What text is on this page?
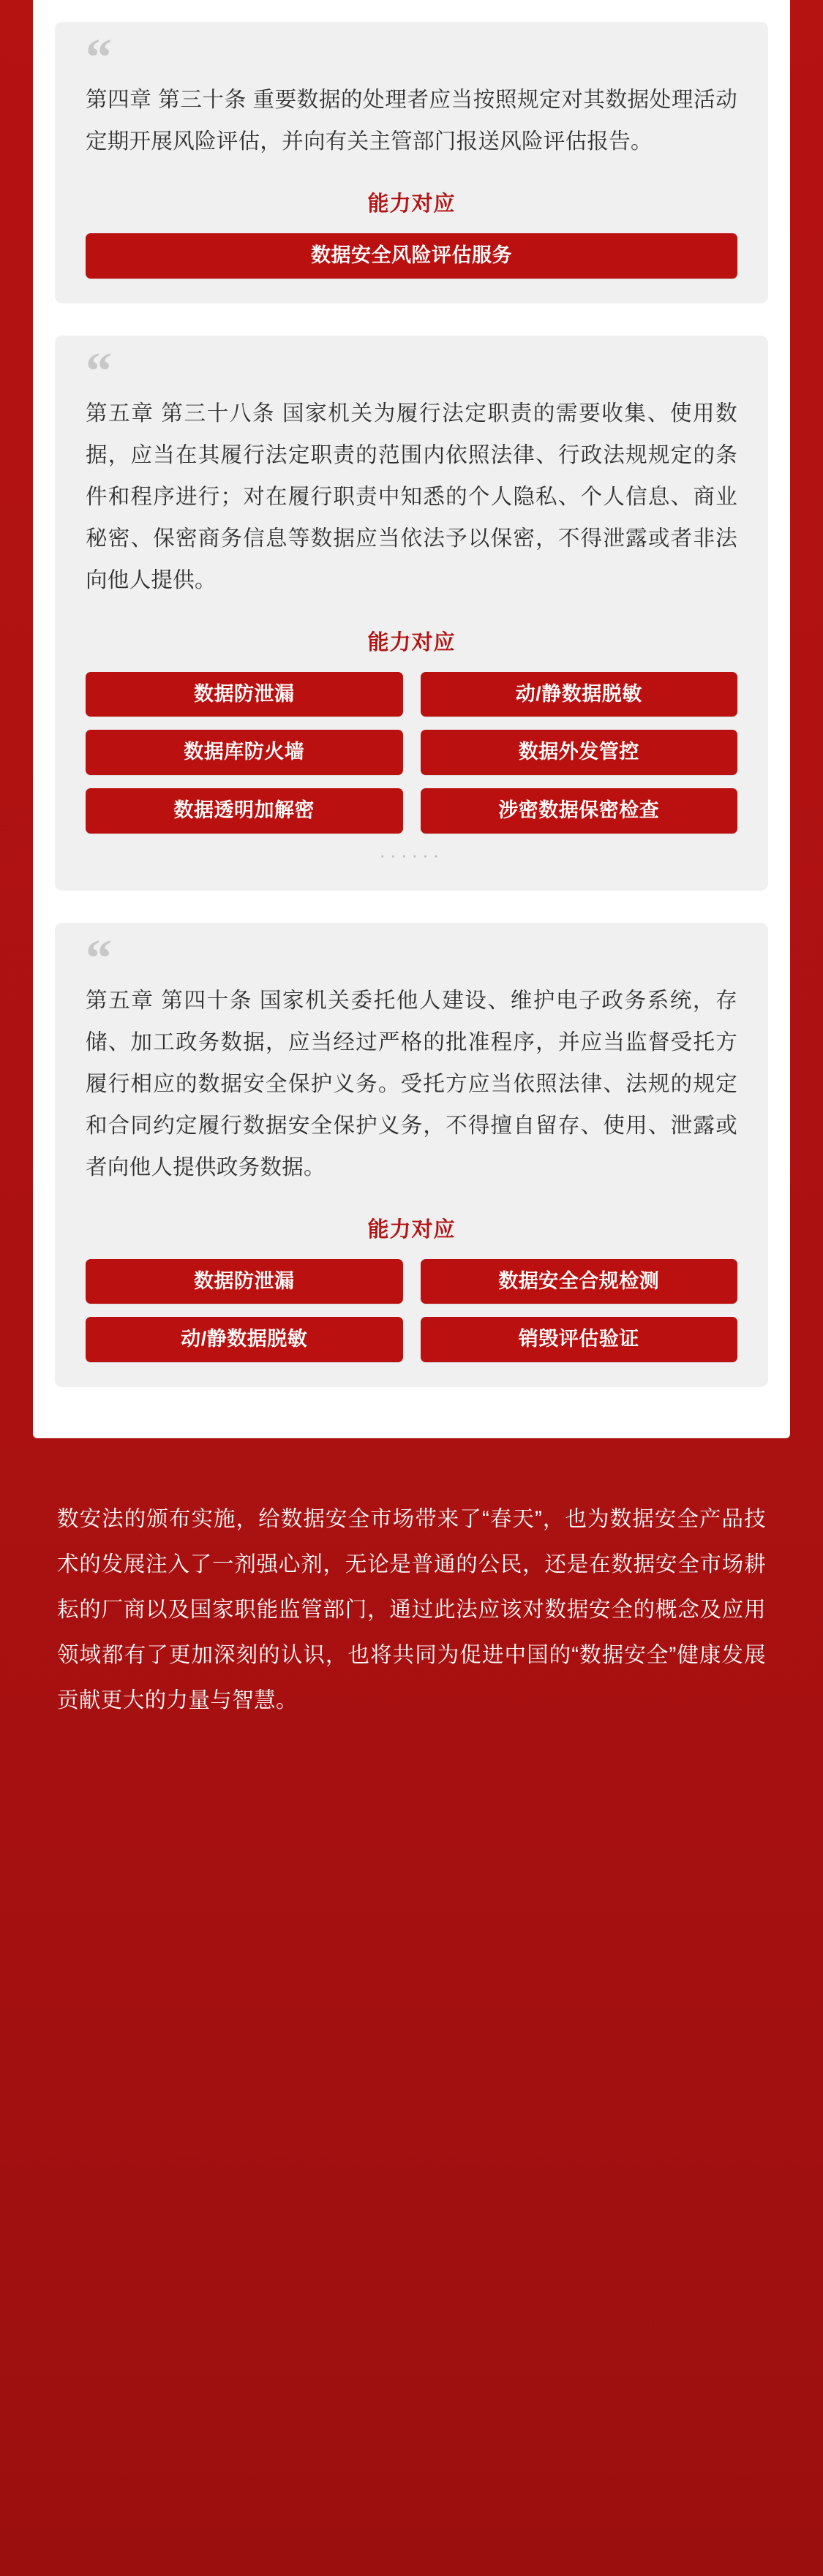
“
第四章 第三十条 重要数据的处理者应当按照规定对其数据处理活动定期开展风险评估，并向有关主管部门报送风险评估报告。
能力对应
数据安全风险评估服务
“
第五章 第三十八条 国家机关为履行法定职责的需要收集、使用数据，应当在其履行法定职责的范围内依照法律、行政法规规定的条件和程序进行；对在履行职责中知悉的个人隐私、个人信息、商业秘密、保密商务信息等数据应当依法予以保密，不得泄露或者非法向他人提供。
能力对应
数据防泄漏	动/静数据脱敏
数据库防火墙	数据外发管控
数据透明加解密	涉密数据保密检查
······
“
第五章 第四十条 国家机关委托他人建设、维护电子政务系统，存储、加工政务数据，应当经过严格的批准程序，并应当监督受托方履行相应的数据安全保护义务。受托方应当依照法律、法规的规定和合同约定履行数据安全保护义务，不得擅自留存、使用、泄露或者向他人提供政务数据。
能力对应
数据防泄漏	数据安全合规检测
动/静数据脱敏	销毁评估验证

数安法的颁布实施，给数据安全市场带来了“春天”，也为数据安全产品技术的发展注入了一剂强心剂，无论是普通的公民，还是在数据安全市场耕耘的厂商以及国家职能监管部门，通过此法应该对数据安全的概念及应用领域都有了更加深刻的认识，也将共同为促进中国的“数据安全”健康发展贡献更大的力量与智慧。
